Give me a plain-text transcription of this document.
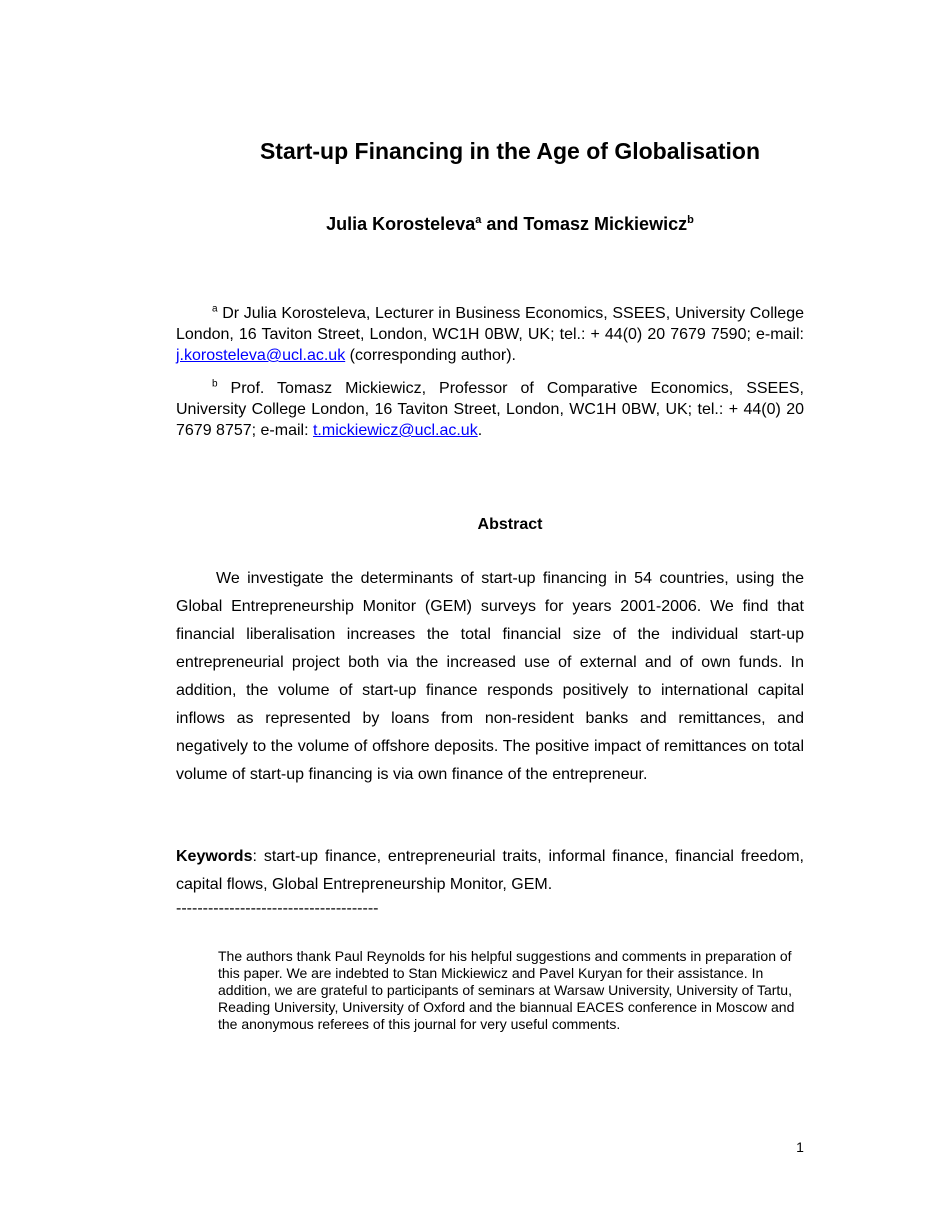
Start-up Financing in the Age of Globalisation

Julia Korosteleva$^a$ and Tomasz Mickiewicz$^b$

$^a$ Dr Julia Korosteleva, Lecturer in Business Economics, SSEES, University College London, 16 Taviton Street, London, WC1H 0BW, UK; tel.: + 44(0) 20 7679 7590; e-mail: j.korosteleva@ucl.ac.uk (corresponding author).

$^b$ Prof. Tomasz Mickiewicz, Professor of Comparative Economics, SSEES, University College London, 16 Taviton Street, London, WC1H 0BW, UK; tel.: + 44(0) 20 7679 8757; e-mail: t.mickiewicz@ucl.ac.uk.

Abstract

We investigate the determinants of start-up financing in 54 countries, using the Global Entrepreneurship Monitor (GEM) surveys for years 2001-2006. We find that financial liberalisation increases the total financial size of the individual start-up entrepreneurial project both via the increased use of external and of own funds. In addition, the volume of start-up finance responds positively to international capital inflows as represented by loans from non-resident banks and remittances, and negatively to the volume of offshore deposits. The positive impact of remittances on total volume of start-up financing is via own finance of the entrepreneur.

Keywords: start-up finance, entrepreneurial traits, informal finance, financial freedom, capital flows, Global Entrepreneurship Monitor, GEM.

--------------------------------------

The authors thank Paul Reynolds for his helpful suggestions and comments in preparation of this paper. We are indebted to Stan Mickiewicz and Pavel Kuryan for their assistance. In addition, we are grateful to participants of seminars at Warsaw University, University of Tartu, Reading University, University of Oxford and the biannual EACES conference in Moscow and the anonymous referees of this journal for very useful comments.

1
